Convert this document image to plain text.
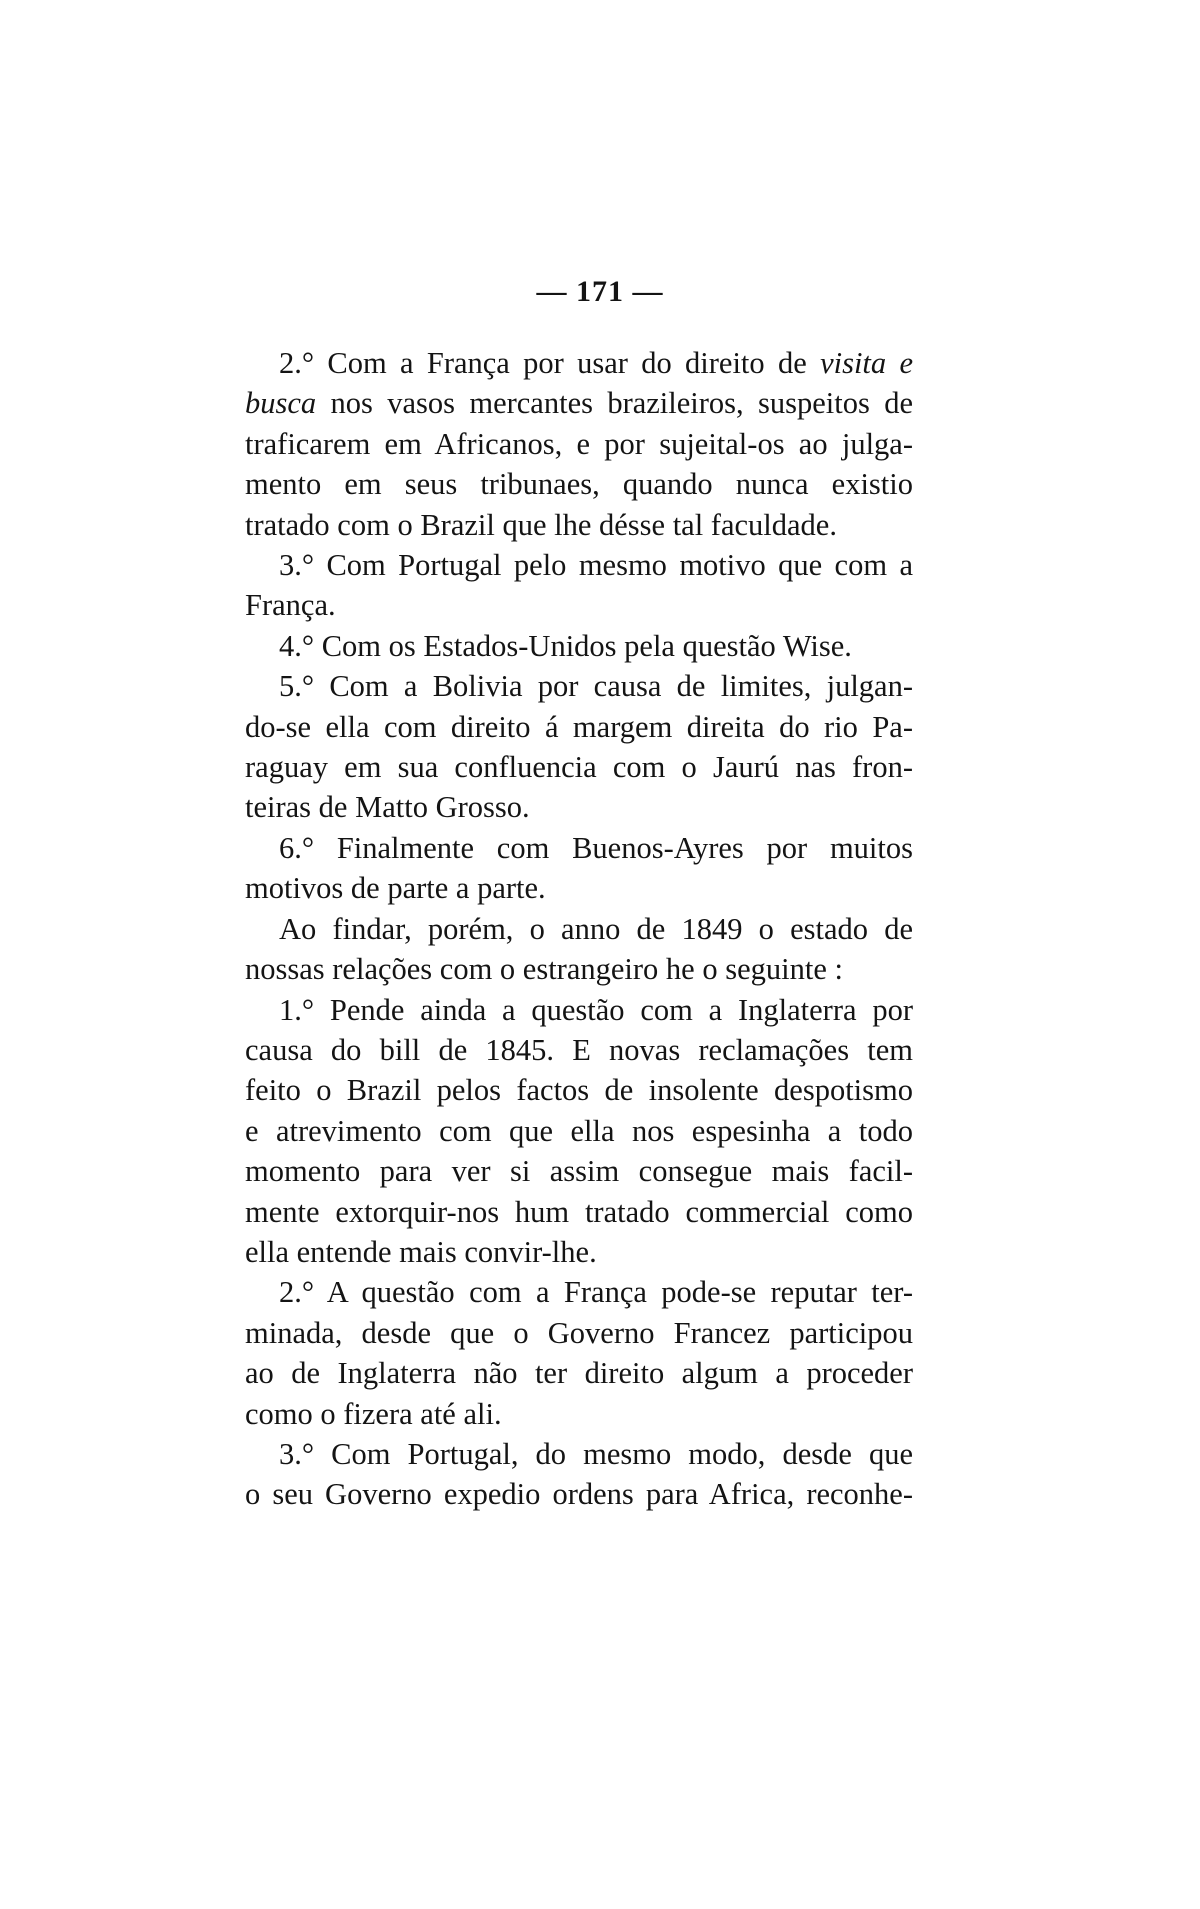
— 171 —
2.° Com a França por usar do direito de visita e
busca nos vasos mercantes brazileiros, suspeitos de
traficarem em Africanos, e por sujeital-os ao julga-
mento em seus tribunaes, quando nunca existio
tratado com o Brazil que lhe désse tal faculdade.
3.° Com Portugal pelo mesmo motivo que com a
França.
4.° Com os Estados-Unidos pela questão Wise.
5.° Com a Bolivia por causa de limites, julgan-
do-se ella com direito á margem direita do rio Pa-
raguay em sua confluencia com o Jaurú nas fron-
teiras de Matto Grosso.
6.° Finalmente com Buenos-Ayres por muitos
motivos de parte a parte.
Ao findar, porém, o anno de 1849 o estado de
nossas relações com o estrangeiro he o seguinte :
1.° Pende ainda a questão com a Inglaterra por
causa do bill de 1845. E novas reclamações tem
feito o Brazil pelos factos de insolente despotismo
e atrevimento com que ella nos espesinha a todo
momento para ver si assim consegue mais facil-
mente extorquir-nos hum tratado commercial como
ella entende mais convir-lhe.
2.° A questão com a França pode-se reputar ter-
minada, desde que o Governo Francez participou
ao de Inglaterra não ter direito algum a proceder
como o fizera até ali.
3.° Com Portugal, do mesmo modo, desde que
o seu Governo expedio ordens para Africa, reconhe-
